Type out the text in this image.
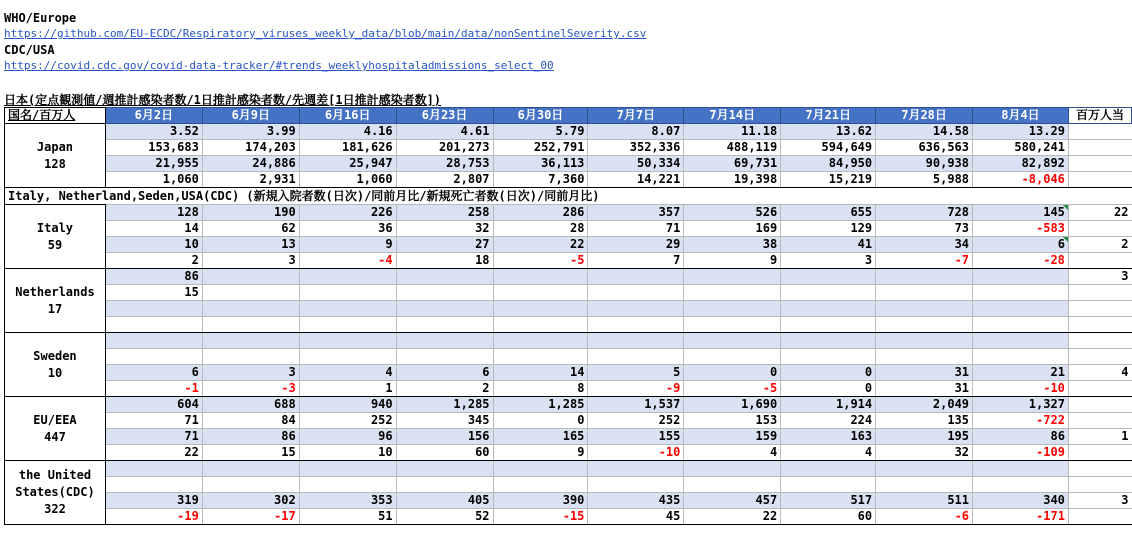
WHO/Europe
https://github.com/EU-ECDC/Respiratory_viruses_weekly_data/blob/main/data/nonSentinelSeverity.csv
CDC/USA
https://covid.cdc.gov/covid-data-tracker/#trends_weeklyhospitaladmissions_select_00
日本(定点観測値/週推計感染者数/1日推計感染者数/先週差[1日推計感染者数])
国名/百万人	6月2日	6月9日	6月16日	6月23日	6月30日	7月7日	7月14日	7月21日	7月28日	8月4日	百万人当

Japan
128	3.52	3.99	4.16	4.61	5.79	8.07	11.18	13.62	14.58	13.29	
	153,683	174,203	181,626	201,273	252,791	352,336	488,119	594,649	636,563	580,241	
	21,955	24,886	25,947	28,753	36,113	50,334	69,731	84,950	90,938	82,892	
	1,060	2,931	1,060	2,807	7,360	14,221	19,398	15,219	5,988	-8,046	
Italy, Netherland,Seden,USA(CDC) (新規入院者数(日次)/同前月比/新規死亡者数(日次)/同前月比)											

Italy
59	128	190	226	258	286	357	526	655	728	145	22
	14	62	36	32	28	71	169	129	73	-583	
	10	13	9	27	22	29	38	41	34	6	2
	2	3	-4	18	-5	7	9	3	-7	-28	

Netherlands
17	86										3
	15										

Sweden
10											

	6	3	4	6	14	5	0	0	31	21	4
	-1	-3	1	2	8	-9	-5	0	31	-10	

EU/EEA
447	604	688	940	1,285	1,285	1,537	1,690	1,914	2,049	1,327	
	71	84	252	345	0	252	153	224	135	-722	
	71	86	96	156	165	155	159	163	195	86	1
	22	15	10	60	9	-10	4	4	32	-109	

the United States(CDC)
322											

	319	302	353	405	390	435	457	517	511	340	3
	-19	-17	51	52	-15	45	22	60	-6	-171	
